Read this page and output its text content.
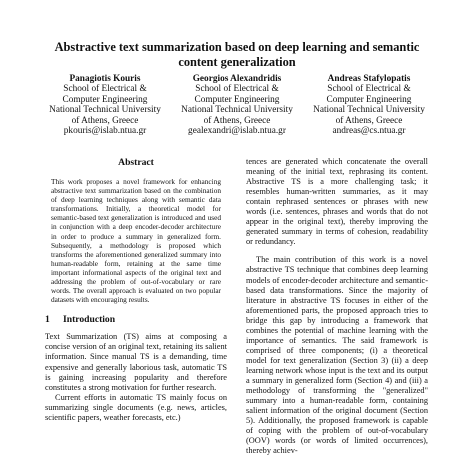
Abstractive text summarization based on deep learning and semantic content generalization
Panagiotis Kouris
School of Electrical &
Computer Engineering
National Technical University
of Athens, Greece
pkouris@islab.ntua.gr
Georgios Alexandridis
School of Electrical &
Computer Engineering
National Technical University
of Athens, Greece
gealexandri@islab.ntua.gr
Andreas Stafylopatis
School of Electrical &
Computer Engineering
National Technical University
of Athens, Greece
andreas@cs.ntua.gr
Abstract

This work proposes a novel framework for enhancing abstractive text summarization based on the combination of deep learning techniques along with semantic data transformations. Initially, a theoretical model for semantic-based text generalization is introduced and used in conjunction with a deep encoder-decoder architecture in order to produce a summary in generalized form. Subsequently, a methodology is proposed which transforms the aforementioned generalized summary into human-readable form, retaining at the same time important informational aspects of the original text and addressing the problem of out-of-vocabulary or rare words. The overall approach is evaluated on two popular datasets with encouraging results.

1 Introduction

Text Summarization (TS) aims at composing a concise version of an original text, retaining its salient information. Since manual TS is a demanding, time expensive and generally laborious task, automatic TS is gaining increasing popularity and therefore constitutes a strong motivation for further research.

Current efforts in automatic TS mainly focus on summarizing single documents (e.g. news, articles, scientific papers, weather forecasts, etc.)

tences are generated which concatenate the overall meaning of the initial text, rephrasing its content. Abstractive TS is a more challenging task; it resembles human-written summaries, as it may contain rephrased sentences or phrases with new words (i.e. sentences, phrases and words that do not appear in the original text), thereby improving the generated summary in terms of cohesion, readability or redundancy.

The main contribution of this work is a novel abstractive TS technique that combines deep learning models of encoder-decoder architecture and semantic-based data transformations. Since the majority of literature in abstractive TS focuses in either of the aforementioned parts, the proposed approach tries to bridge this gap by introducing a framework that combines the potential of machine learning with the importance of semantics. The said framework is comprised of three components; (i) a theoretical model for text generalization (Section 3) (ii) a deep learning network whose input is the text and its output a summary in generalized form (Section 4) and (iii) a methodology of transforming the "generalized" summary into a human-readable form, containing salient information of the original document (Section 5). Additionally, the proposed framework is capable of coping with the problem of out-of-vocabulary (OOV) words (or words of limited occurrences), thereby achiev-
